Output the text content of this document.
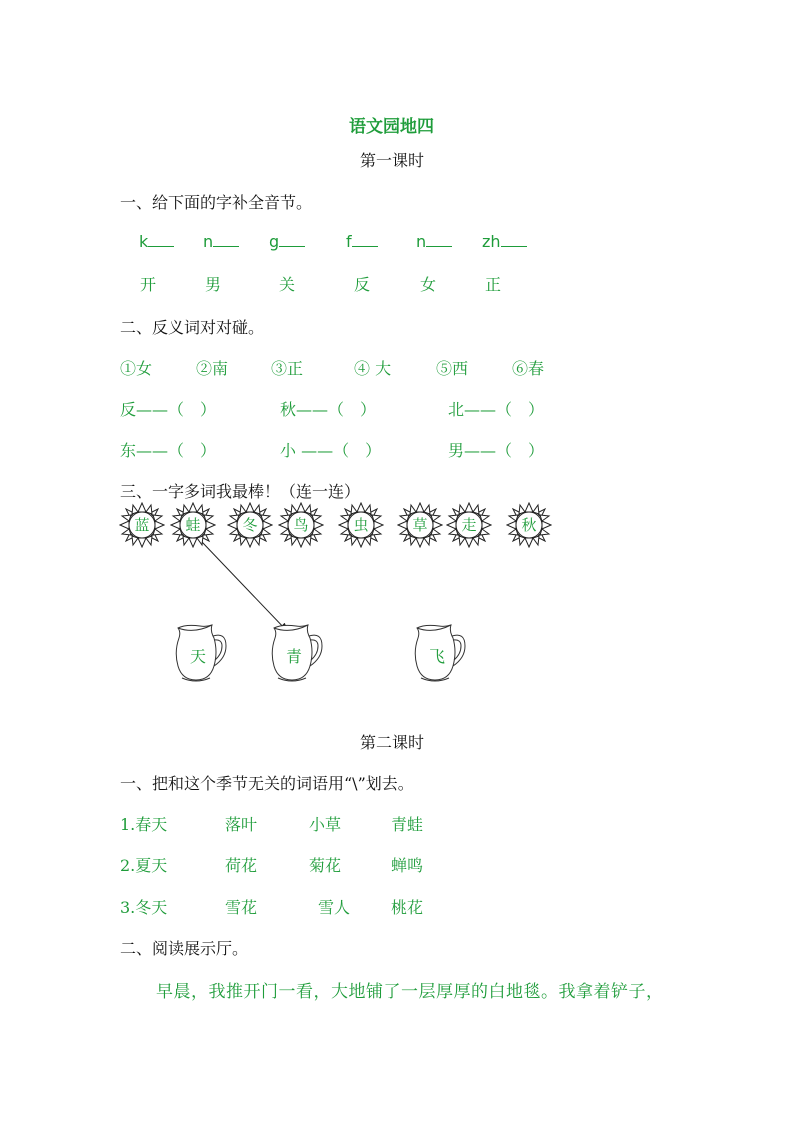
语文园地四
第一课时
一、给下面的字补全音节。
k	n	g	f	n	zh
开	男	关	反	女	正
二、反义词对对碰。
①女	②南	③正	④ 大	⑤西	⑥春
反——（　）	秋——（　）	北——（　）
东——（　）	小 ——（　）	男——（　）
三、一字多词我最棒！（连一连）
蓝	蛙	冬	鸟	虫	草	走	秋
天	青	飞
第二课时
一、把和这个季节无关的词语用“\”划去。
1.春天	落叶	小草	青蛙
2.夏天	荷花	菊花	蝉鸣
3.冬天	雪花	雪人	桃花
二、阅读展示厅。
早晨，我推开门一看，大地铺了一层厚厚的白地毯。我拿着铲子，
